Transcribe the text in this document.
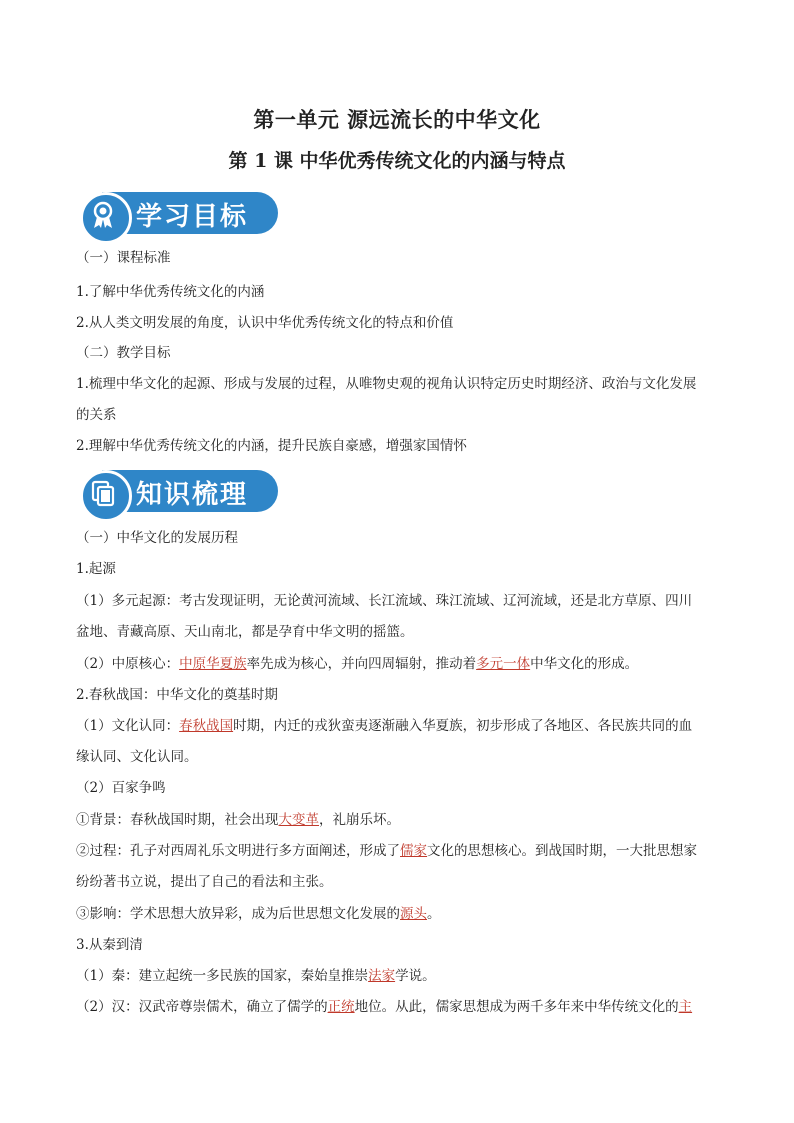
第一单元 源远流长的中华文化
第 1 课 中华优秀传统文化的内涵与特点
学习目标
（一）课程标准
1.了解中华优秀传统文化的内涵
2.从人类文明发展的角度，认识中华优秀传统文化的特点和价值
（二）教学目标
1.梳理中华文化的起源、形成与发展的过程，从唯物史观的视角认识特定历史时期经济、政治与文化发展
的关系
2.理解中华优秀传统文化的内涵，提升民族自豪感，增强家国情怀
知识梳理
（一）中华文化的发展历程
1.起源
（1）多元起源：考古发现证明，无论黄河流域、长江流域、珠江流域、辽河流域，还是北方草原、四川
盆地、青藏高原、天山南北，都是孕育中华文明的摇篮。
（2）中原核心：中原华夏族率先成为核心，并向四周辐射，推动着多元一体中华文化的形成。
2.春秋战国：中华文化的奠基时期
（1）文化认同：春秋战国时期，内迁的戎狄蛮夷逐渐融入华夏族，初步形成了各地区、各民族共同的血
缘认同、文化认同。
（2）百家争鸣
①背景：春秋战国时期，社会出现大变革，礼崩乐坏。
②过程：孔子对西周礼乐文明进行多方面阐述，形成了儒家文化的思想核心。到战国时期，一大批思想家
纷纷著书立说，提出了自己的看法和主张。
③影响：学术思想大放异彩，成为后世思想文化发展的源头。
3.从秦到清
（1）秦：建立起统一多民族的国家，秦始皇推崇法家学说。
（2）汉：汉武帝尊崇儒术，确立了儒学的正统地位。从此，儒家思想成为两千多年来中华传统文化的主
